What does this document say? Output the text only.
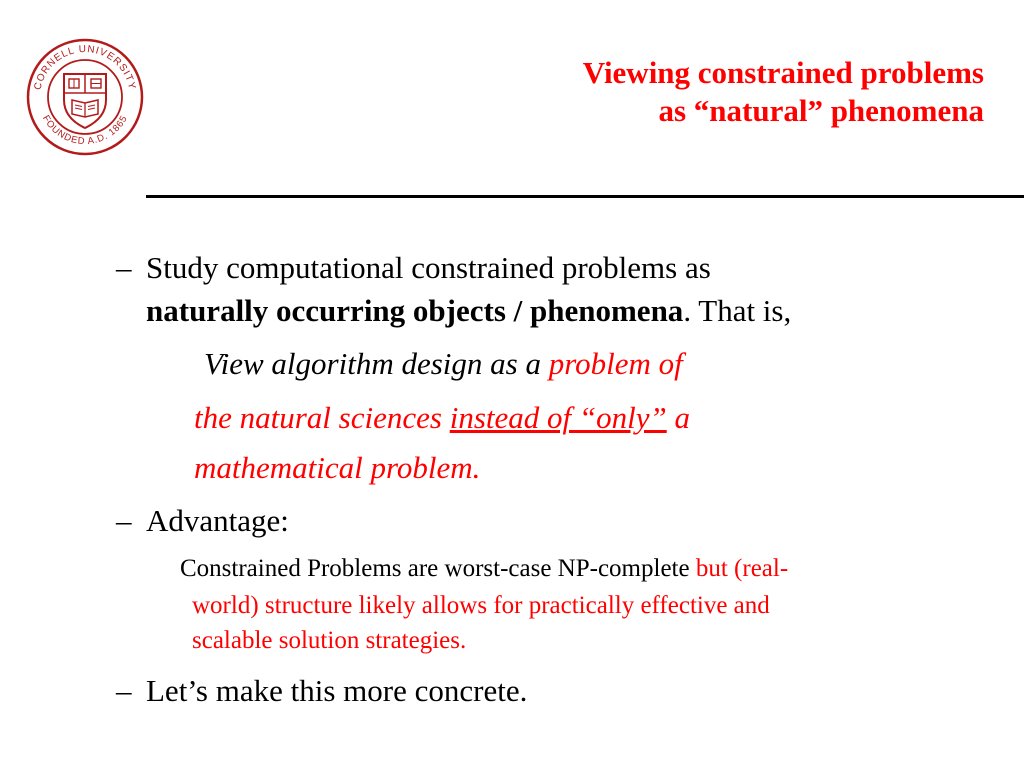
CORNELL UNIVERSITY
FOUNDED A.D. 1865
Viewing constrained problems
as “natural” phenomena
– Study computational constrained problems as
naturally occurring objects / phenomena. That is,
View algorithm design as a problem of
the natural sciences instead of “only” a
mathematical problem.
– Advantage:
Constrained Problems are worst-case NP-complete but (real-
world) structure likely allows for practically effective and
scalable solution strategies.
– Let’s make this more concrete.
